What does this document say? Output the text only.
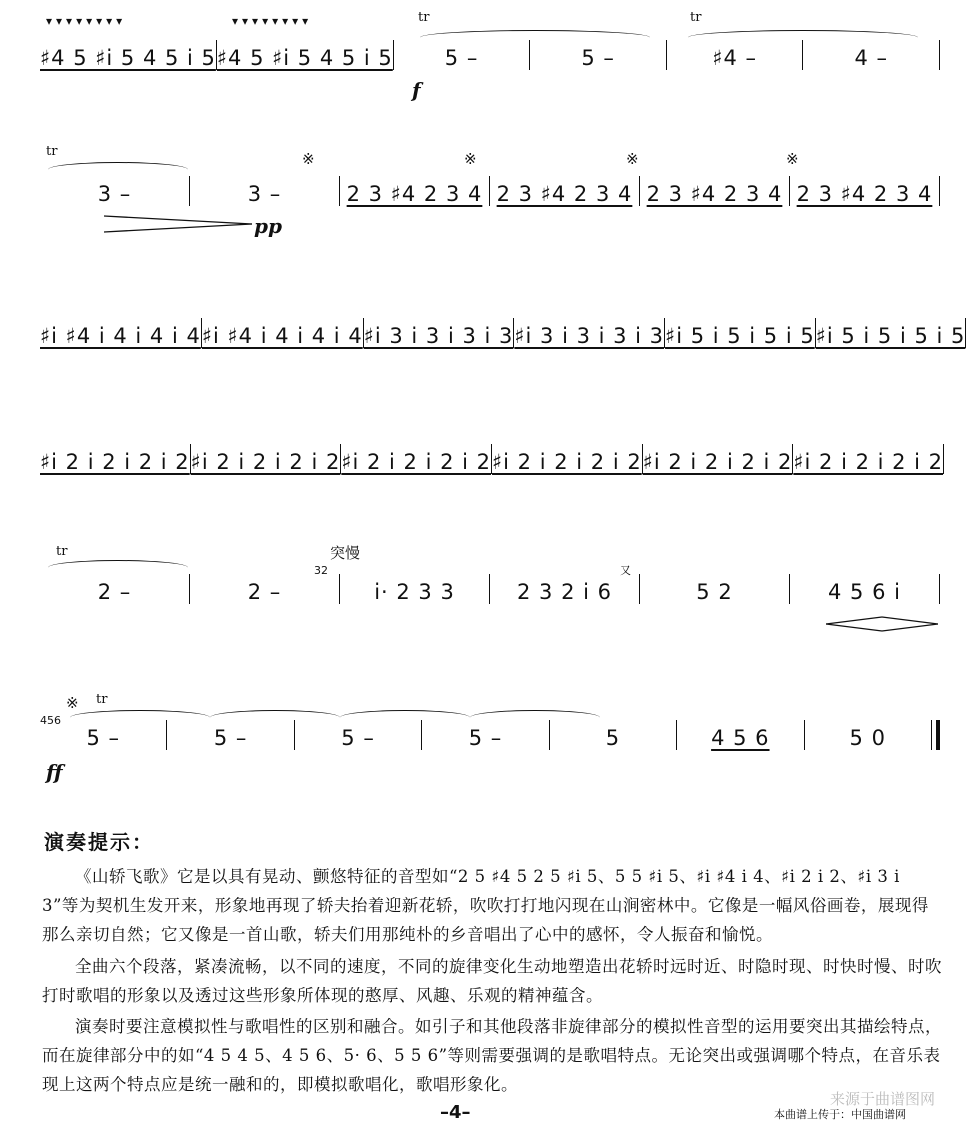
tr	tr
▾▾▾▾▾▾▾▾	▾▾▾▾▾▾▾▾
♯4 5 ♯i 5 4 5 i 5 ♯4 5 ♯i 5 4 5 i 5 5 –	5 –	♯4 –	4 –
f
tr	※	※	※	※
3 –	3 –	2 3 ♯4 2 3 4 2 3 ♯4 2 3 4 2 3 ♯4 2 3 4 2 3 ♯4 2 3 4
pp
♯i ♯4 i 4 i 4 i 4 ♯i ♯4 i 4 i 4 i 4 ♯i 3 i 3 i 3 i 3 ♯i 3 i 3 i 3 i 3 ♯i 5 i 5 i 5 i 5 ♯i 5 i 5 i 5 i 5
♯i 2 i 2 i 2 i 2 ♯i 2 i 2 i 2 i 2 ♯i 2 i 2 i 2 i 2 ♯i 2 i 2 i 2 i 2 ♯i 2 i 2 i 2 i 2 ♯i 2 i 2 i 2 i 2
tr	突慢
32	又
2 –	2 –	i· 2 3 3	2 3 2 i 6	5 2	4 5 6 i
456
※ tr
5 –	5 –	5 –	5 –	5	4 5 6	5 0
ff
演奏提示：
《山轿飞歌》它是以具有晃动、颤悠特征的音型如“2 5 ♯4 5 2 5 ♯i 5、5 5 ♯i 5、♯i ♯4 i 4、♯i 2 i 2、♯i 3 i 3”等为契机生发开来，形象地再现了轿夫抬着迎新花轿，吹吹打打地闪现在山涧密林中。它像是一幅风俗画卷，展现得那么亲切自然；它又像是一首山歌，轿夫们用那纯朴的乡音唱出了心中的感怀，令人振奋和愉悦。
全曲六个段落，紧凑流畅，以不同的速度，不同的旋律变化生动地塑造出花轿时远时近、时隐时现、时快时慢、时吹打时歌唱的形象以及透过这些形象所体现的憨厚、风趣、乐观的精神蕴含。
演奏时要注意模拟性与歌唱性的区别和融合。如引子和其他段落非旋律部分的模拟性音型的运用要突出其描绘特点，而在旋律部分中的如“4 5 4 5、4 5 6、5· 6、5 5 6”等则需要强调的是歌唱特点。无论突出或强调哪个特点，在音乐表现上这两个特点应是统一融和的，即模拟歌唱化，歌唱形象化。
–4–
来源于曲谱图网
本曲谱上传于：中国曲谱网
